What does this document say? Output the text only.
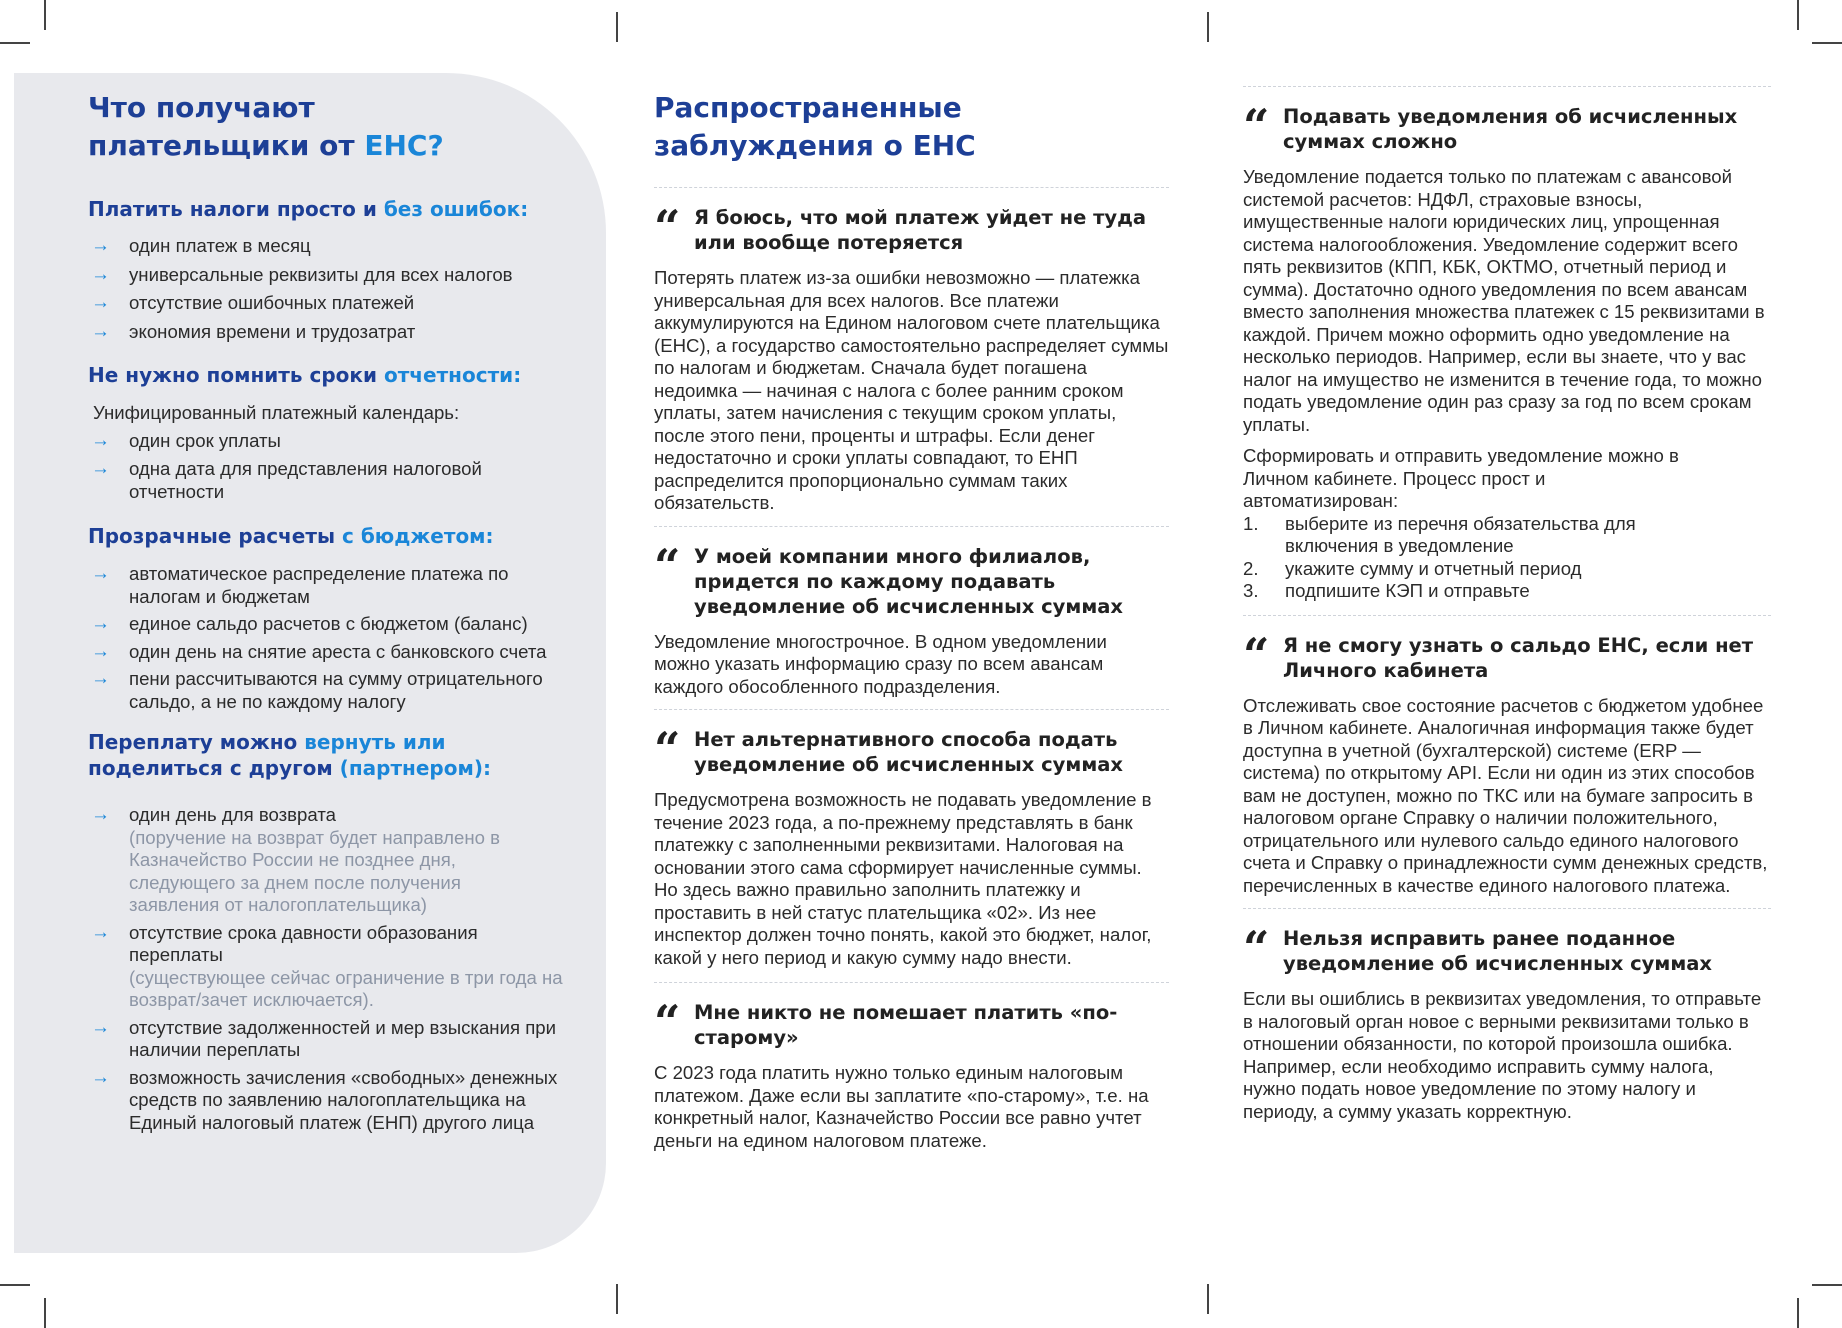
Что получают
плательщики от ЕНС?
Платить налоги просто и без ошибок:
→ один платеж в месяц
→ универсальные реквизиты для всех налогов
→ отсутствие ошибочных платежей
→ экономия времени и трудозатрат
Не нужно помнить сроки отчетности:
Унифицированный платежный календарь:
→ один срок уплаты
→ одна дата для представления налоговой отчетности
Прозрачные расчеты с бюджетом:
→ автоматическое распределение платежа по налогам и бюджетам
→ единое сальдо расчетов с бюджетом (баланс)
→ один день на снятие ареста с банковского счета
→ пени рассчитываются на сумму отрицательного сальдо, а не по каждому налогу
Переплату можно вернуть или
поделиться с другом (партнером):
→ один день для возврата
(поручение на возврат будет направлено в Казначейство России не позднее дня, следующего за днем после получения заявления от налогоплательщика)
→ отсутствие срока давности образования переплаты
(существующее сейчас ограничение в три года на возврат/зачет исключается).
→ отсутствие задолженностей и мер взыскания при наличии переплаты
→ возможность зачисления «свободных» денежных средств по заявлению налогоплательщика на Единый налоговый платеж (ЕНП) другого лица
Распространенные
заблуждения о ЕНС
“ Я боюсь, что мой платеж уйдет не туда или вообще потеряется
Потерять платеж из-за ошибки невозможно — платежка универсальная для всех налогов. Все платежи аккумулируются на Едином налоговом счете плательщика (ЕНС), а государство самостоятельно распределяет суммы по налогам и бюджетам. Сначала будет погашена недоимка — начиная с налога с более ранним сроком уплаты, затем начисления с текущим сроком уплаты, после этого пени, проценты и штрафы. Если денег недостаточно и сроки уплаты совпадают, то ЕНП распределится пропорционально суммам таких обязательств.
“ У моей компании много филиалов, придется по каждому подавать уведомление об исчисленных суммах
Уведомление многострочное. В одном уведомлении можно указать информацию сразу по всем авансам каждого обособленного подразделения.
“ Нет альтернативного способа подать уведомление об исчисленных суммах
Предусмотрена возможность не подавать уведомление в течение 2023 года, а по-прежнему представлять в банк платежку с заполненными реквизитами. Налоговая на основании этого сама сформирует начисленные суммы. Но здесь важно правильно заполнить платежку и проставить в ней статус плательщика «02». Из нее инспектор должен точно понять, какой это бюджет, налог, какой у него период и какую сумму надо внести.
“ Мне никто не помешает платить «по-старому»
С 2023 года платить нужно только единым налоговым платежом. Даже если вы заплатите «по-старому», т.е. на конкретный налог, Казначейство России все равно учтет деньги на едином налоговом платеже.
“ Подавать уведомления об исчисленных суммах сложно
Уведомление подается только по платежам с авансовой системой расчетов: НДФЛ, страховые взносы, имущественные налоги юридических лиц, упрощенная система налогообложения. Уведомление содержит всего пять реквизитов (КПП, КБК, ОКТМО, отчетный период и сумма). Достаточно одного уведомления по всем авансам вместо заполнения множества платежек с 15 реквизитами в каждой. Причем можно оформить одно уведомление на несколько периодов. Например, если вы знаете, что у вас налог на имущество не изменится в течение года, то можно подать уведомление один раз сразу за год по всем срокам уплаты.
Сформировать и отправить уведомление можно в Личном кабинете. Процесс прост и автоматизирован:
1. выберите из перечня обязательства для включения в уведомление
2. укажите сумму и отчетный период
3. подпишите КЭП и отправьте
“ Я не смогу узнать о сальдо ЕНС, если нет Личного кабинета
Отслеживать свое состояние расчетов с бюджетом удобнее в Личном кабинете. Аналогичная информация также будет доступна в учетной (бухгалтерской) системе (ERP — система) по открытому API. Если ни один из этих способов вам не доступен, можно по ТКС или на бумаге запросить в налоговом органе Справку о наличии положительного, отрицательного или нулевого сальдо единого налогового счета и Справку о принадлежности сумм денежных средств, перечисленных в качестве единого налогового платежа.
“ Нельзя исправить ранее поданное уведомление об исчисленных суммах
Если вы ошиблись в реквизитах уведомления, то отправьте в налоговый орган новое с верными реквизитами только в отношении обязанности, по которой произошла ошибка. Например, если необходимо исправить сумму налога, нужно подать новое уведомление по этому налогу и периоду, а сумму указать корректную.
